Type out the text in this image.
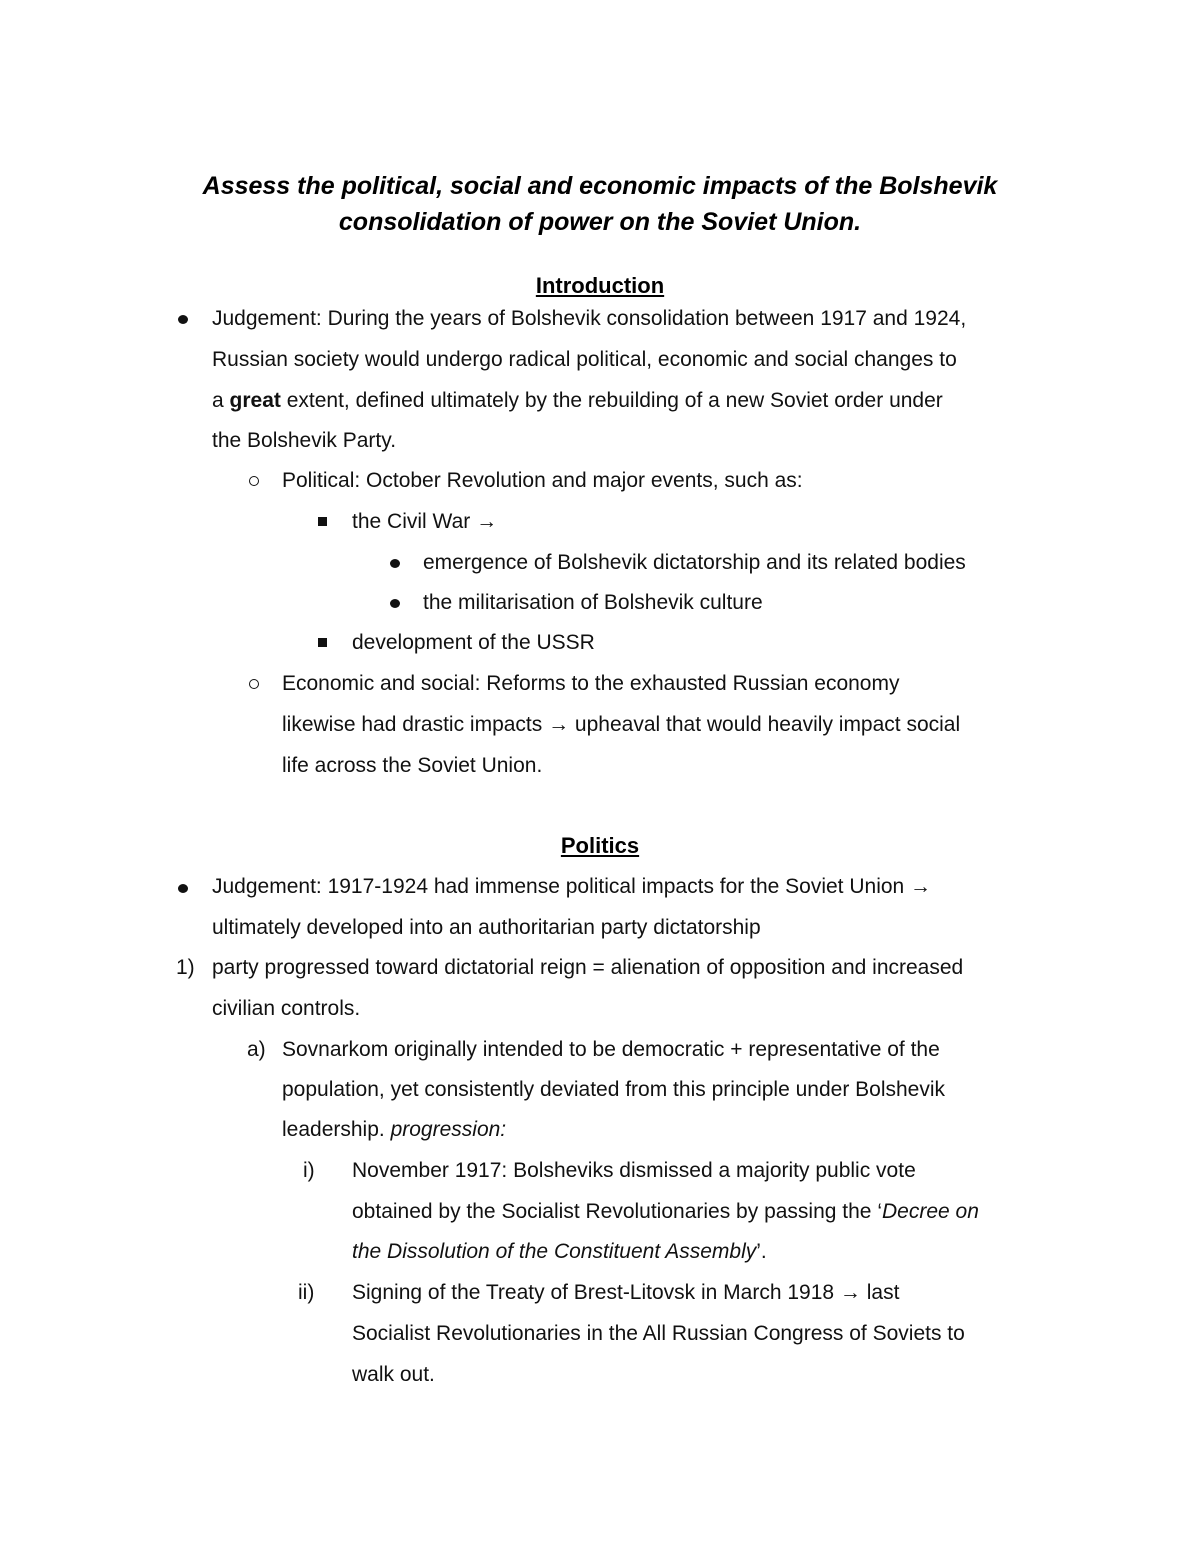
Assess the political, social and economic impacts of the Bolshevik
consolidation of power on the Soviet Union.
Introduction
Judgement: During the years of Bolshevik consolidation between 1917 and 1924,
Russian society would undergo radical political, economic and social changes to
a great extent, defined ultimately by the rebuilding of a new Soviet order under
the Bolshevik Party.
Political: October Revolution and major events, such as:
the Civil War →
emergence of Bolshevik dictatorship and its related bodies
the militarisation of Bolshevik culture
development of the USSR
Economic and social: Reforms to the exhausted Russian economy
likewise had drastic impacts → upheaval that would heavily impact social
life across the Soviet Union.
Politics
Judgement: 1917-1924 had immense political impacts for the Soviet Union →
ultimately developed into an authoritarian party dictatorship
1) party progressed toward dictatorial reign = alienation of opposition and increased
civilian controls.
a) Sovnarkom originally intended to be democratic + representative of the
population, yet consistently deviated from this principle under Bolshevik
leadership. progression:
i) November 1917: Bolsheviks dismissed a majority public vote
obtained by the Socialist Revolutionaries by passing the ‘Decree on
the Dissolution of the Constituent Assembly’.
ii) Signing of the Treaty of Brest-Litovsk in March 1918 → last
Socialist Revolutionaries in the All Russian Congress of Soviets to
walk out.
